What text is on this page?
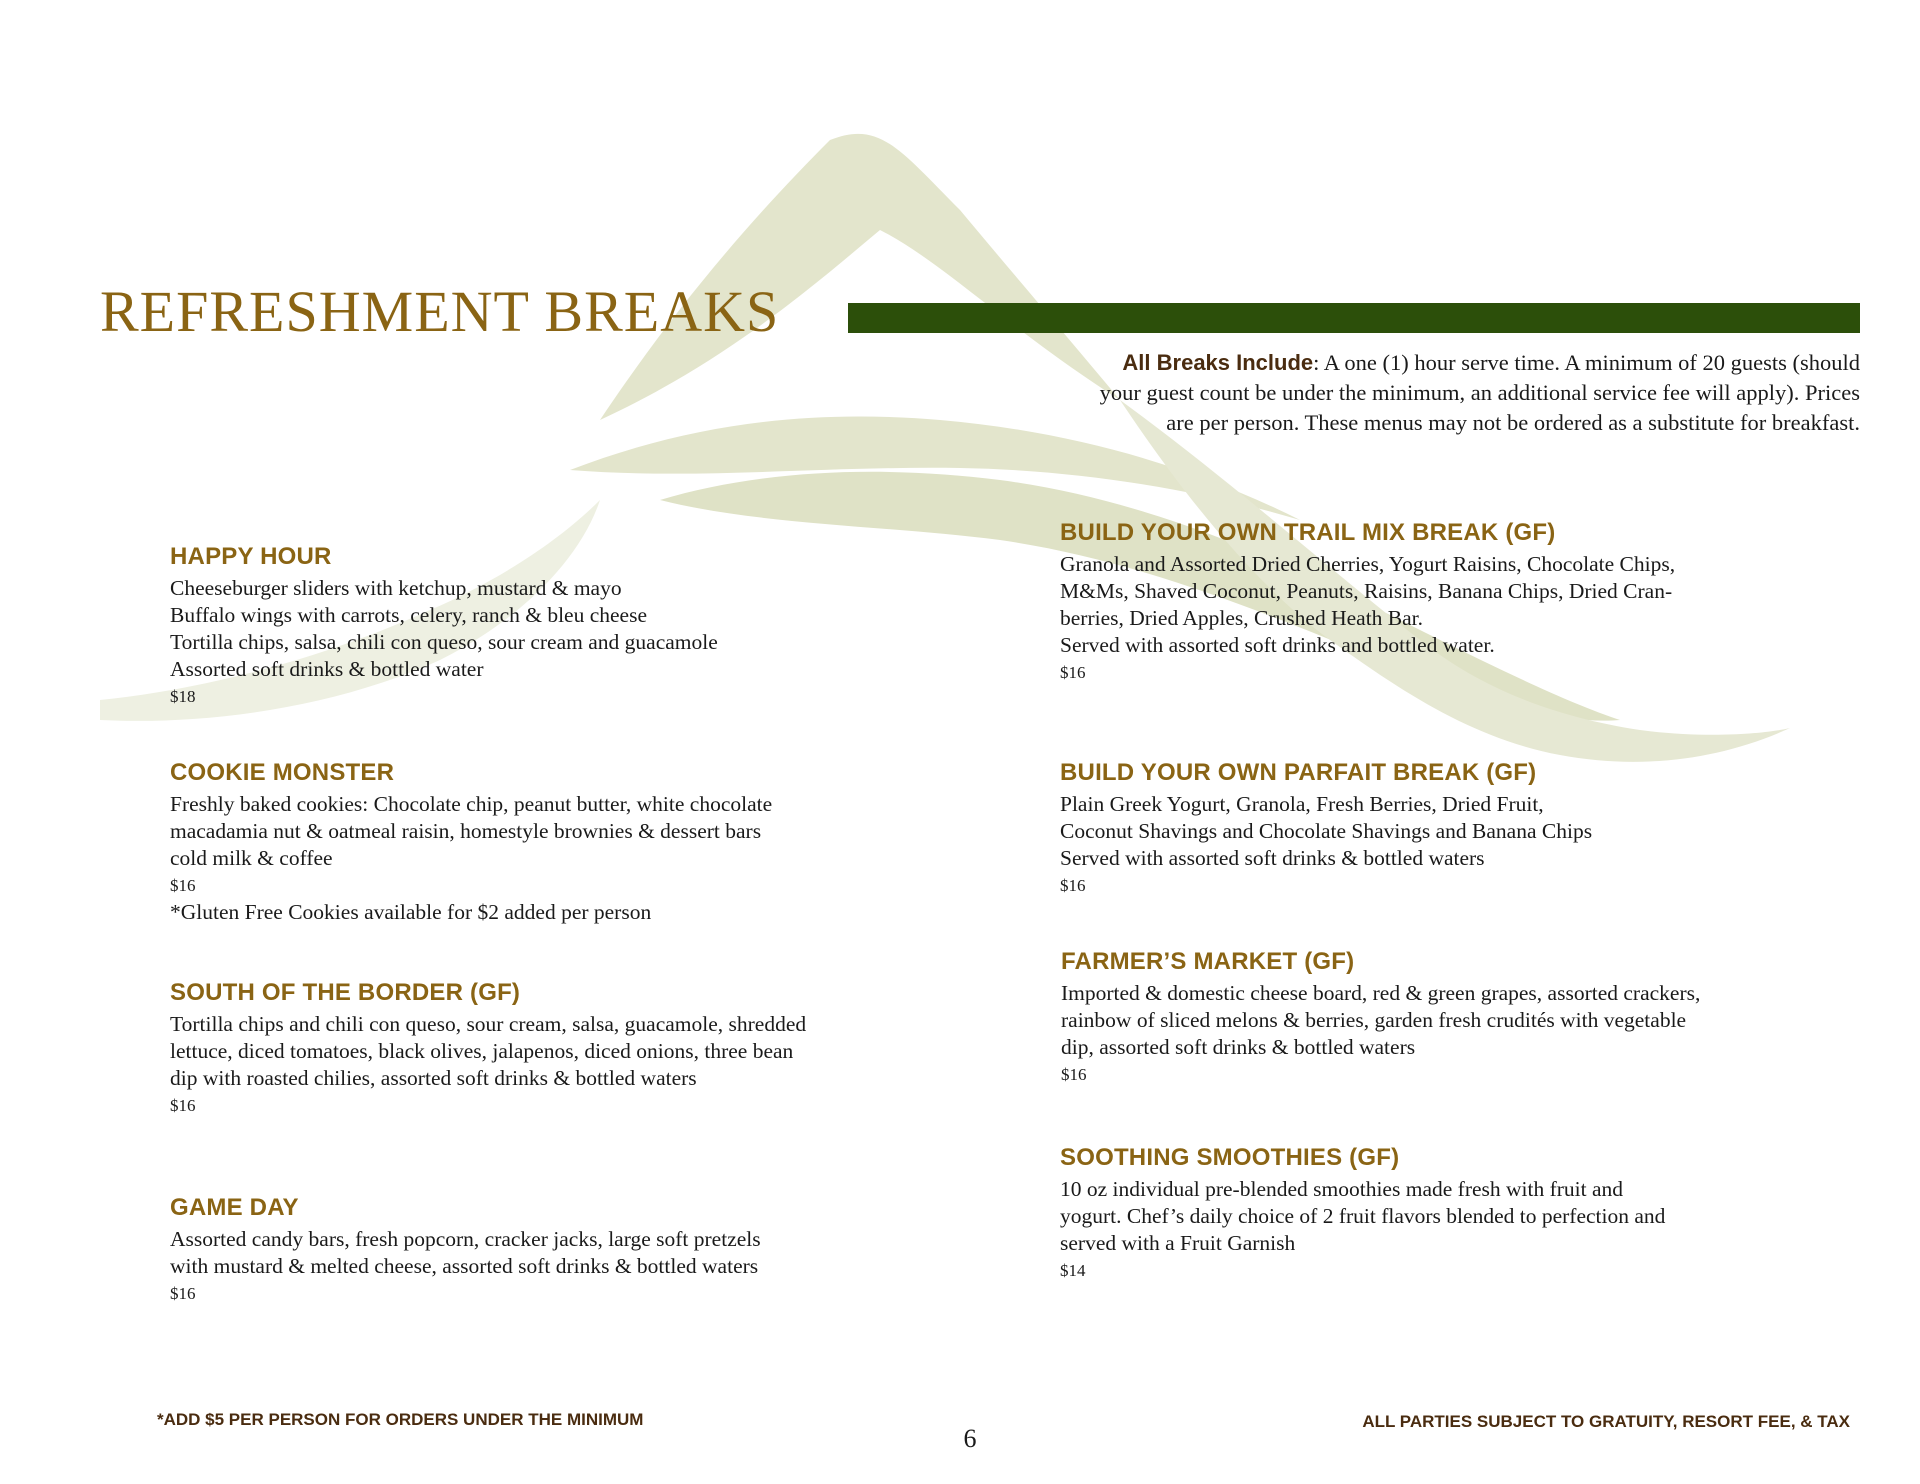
REFRESHMENT BREAKS
All Breaks Include: A one (1) hour serve time. A minimum of 20 guests (should
your guest count be under the minimum, an additional service fee will apply). Prices
are per person. These menus may not be ordered as a substitute for breakfast.
HAPPY HOUR
Cheeseburger sliders with ketchup, mustard & mayo
Buffalo wings with carrots, celery, ranch & bleu cheese
Tortilla chips, salsa, chili con queso, sour cream and guacamole
Assorted soft drinks & bottled water
$18
COOKIE MONSTER
Freshly baked cookies: Chocolate chip, peanut butter, white chocolate
macadamia nut & oatmeal raisin, homestyle brownies & dessert bars
cold milk & coffee
$16
*Gluten Free Cookies available for $2 added per person
SOUTH OF THE BORDER (GF)
Tortilla chips and chili con queso, sour cream, salsa, guacamole, shredded
lettuce, diced tomatoes, black olives, jalapenos, diced onions, three bean
dip with roasted chilies, assorted soft drinks & bottled waters
$16
GAME DAY
Assorted candy bars, fresh popcorn, cracker jacks, large soft pretzels
with mustard & melted cheese, assorted soft drinks & bottled waters
$16
BUILD YOUR OWN TRAIL MIX BREAK (GF)
Granola and Assorted Dried Cherries, Yogurt Raisins, Chocolate Chips,
M&Ms, Shaved Coconut, Peanuts, Raisins, Banana Chips, Dried Cran-
berries, Dried Apples, Crushed Heath Bar.
Served with assorted soft drinks and bottled water.
$16
BUILD YOUR OWN PARFAIT BREAK (GF)
Plain Greek Yogurt, Granola, Fresh Berries, Dried Fruit,
Coconut Shavings and Chocolate Shavings and Banana Chips
Served with assorted soft drinks & bottled waters
$16
FARMER’S MARKET (GF)
Imported & domestic cheese board, red & green grapes, assorted crackers,
rainbow of sliced melons & berries, garden fresh crudités with vegetable
dip, assorted soft drinks & bottled waters
$16
SOOTHING SMOOTHIES (GF)
10 oz individual pre-blended smoothies made fresh with fruit and
yogurt. Chef’s daily choice of 2 fruit flavors blended to perfection and
served with a Fruit Garnish
$14
*ADD $5 PER PERSON FOR ORDERS UNDER THE MINIMUM	ALL PARTIES SUBJECT TO GRATUITY, RESORT FEE, & TAX
6
